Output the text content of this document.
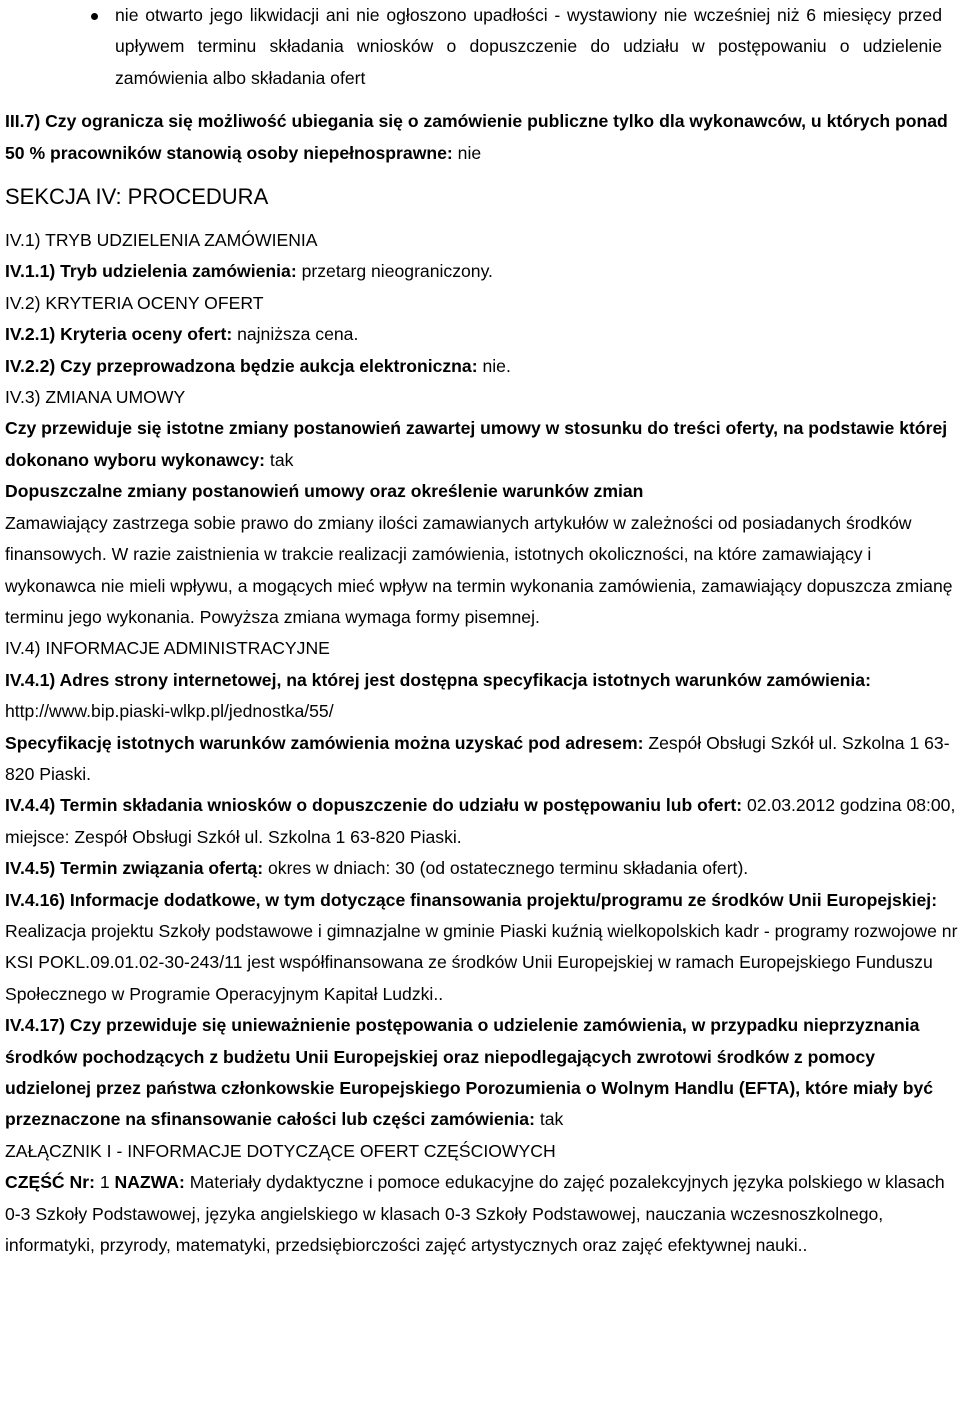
nie otwarto jego likwidacji ani nie ogłoszono upadłości - wystawiony nie wcześniej niż 6 miesięcy przed upływem terminu składania wniosków o dopuszczenie do udziału w postępowaniu o udzielenie zamówienia albo składania ofert

III.7) Czy ogranicza się możliwość ubiegania się o zamówienie publiczne tylko dla wykonawców, u których ponad 50 % pracowników stanowią osoby niepełnosprawne: nie

SEKCJA IV: PROCEDURA

IV.1) TRYB UDZIELENIA ZAMÓWIENIA

IV.1.1) Tryb udzielenia zamówienia: przetarg nieograniczony.

IV.2) KRYTERIA OCENY OFERT

IV.2.1) Kryteria oceny ofert: najniższa cena.

IV.2.2) Czy przeprowadzona będzie aukcja elektroniczna: nie.

IV.3) ZMIANA UMOWY

Czy przewiduje się istotne zmiany postanowień zawartej umowy w stosunku do treści oferty, na podstawie której dokonano wyboru wykonawcy: tak

Dopuszczalne zmiany postanowień umowy oraz określenie warunków zmian

Zamawiający zastrzega sobie prawo do zmiany ilości zamawianych artykułów w zależności od posiadanych środków finansowych. W razie zaistnienia w trakcie realizacji zamówienia, istotnych okoliczności, na które zamawiający i wykonawca nie mieli wpływu, a mogących mieć wpływ na termin wykonania zamówienia, zamawiający dopuszcza zmianę terminu jego wykonania. Powyższa zmiana wymaga formy pisemnej.

IV.4) INFORMACJE ADMINISTRACYJNE

IV.4.1) Adres strony internetowej, na której jest dostępna specyfikacja istotnych warunków zamówienia: http://www.bip.piaski-wlkp.pl/jednostka/55/

Specyfikację istotnych warunków zamówienia można uzyskać pod adresem: Zespół Obsługi Szkół ul. Szkolna 1 63-820 Piaski.

IV.4.4) Termin składania wniosków o dopuszczenie do udziału w postępowaniu lub ofert: 02.03.2012 godzina 08:00, miejsce: Zespół Obsługi Szkół ul. Szkolna 1 63-820 Piaski.

IV.4.5) Termin związania ofertą: okres w dniach: 30 (od ostatecznego terminu składania ofert).

IV.4.16) Informacje dodatkowe, w tym dotyczące finansowania projektu/programu ze środków Unii Europejskiej: Realizacja projektu Szkoły podstawowe i gimnazjalne w gminie Piaski kuźnią wielkopolskich kadr - programy rozwojowe nr KSI POKL.09.01.02-30-243/11 jest współfinansowana ze środków Unii Europejskiej w ramach Europejskiego Funduszu Społecznego w Programie Operacyjnym Kapitał Ludzki..

IV.4.17) Czy przewiduje się unieważnienie postępowania o udzielenie zamówienia, w przypadku nieprzyznania środków pochodzących z budżetu Unii Europejskiej oraz niepodlegających zwrotowi środków z pomocy udzielonej przez państwa członkowskie Europejskiego Porozumienia o Wolnym Handlu (EFTA), które miały być przeznaczone na sfinansowanie całości lub części zamówienia: tak

ZAŁĄCZNIK I - INFORMACJE DOTYCZĄCE OFERT CZĘŚCIOWYCH

CZĘŚĆ Nr: 1 NAZWA: Materiały dydaktyczne i pomoce edukacyjne do zajęć pozalekcyjnych języka polskiego w klasach 0-3 Szkoły Podstawowej, języka angielskiego w klasach 0-3 Szkoły Podstawowej, nauczania wczesnoszkolnego, informatyki, przyrody, matematyki, przedsiębiorczości zajęć artystycznych oraz zajęć efektywnej nauki..
